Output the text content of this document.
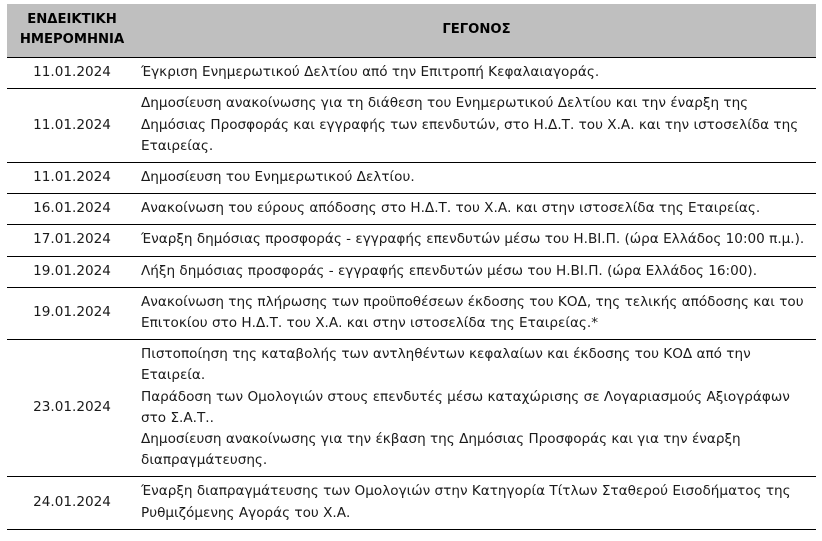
ΕΝΔΕΙΚΤΙΚΗ
ΗΜΕΡΟΜΗΝΙΑ	ΓΕΓΟΝΟΣ
11.01.2024	Έγκριση Ενημερωτικού Δελτίου από την Επιτροπή Κεφαλαιαγοράς.
11.01.2024	Δημοσίευση ανακοίνωσης για τη διάθεση του Ενημερωτικού Δελτίου και την έναρξη της Δημόσιας Προσφοράς και εγγραφής των επενδυτών, στο Η.Δ.Τ. του Χ.Α. και την ιστοσελίδα της Εταιρείας.
11.01.2024	Δημοσίευση του Ενημερωτικού Δελτίου.
16.01.2024	Ανακοίνωση του εύρους απόδοσης στο Η.Δ.Τ. του Χ.Α. και στην ιστοσελίδα της Εταιρείας.
17.01.2024	Έναρξη δημόσιας προσφοράς - εγγραφής επενδυτών μέσω του Η.ΒΙ.Π. (ώρα Ελλάδος 10:00 π.μ.).
19.01.2024	Λήξη δημόσιας προσφοράς - εγγραφής επενδυτών μέσω του Η.ΒΙ.Π. (ώρα Ελλάδος 16:00).
19.01.2024	Ανακοίνωση της πλήρωσης των προϋποθέσεων έκδοσης του ΚΟΔ, της τελικής απόδοσης και του Επιτοκίου στο Η.Δ.Τ. του Χ.Α. και στην ιστοσελίδα της Εταιρείας.*
23.01.2024	Πιστοποίηση της καταβολής των αντληθέντων κεφαλαίων και έκδοσης του ΚΟΔ από την Εταιρεία.
Παράδοση των Ομολογιών στους επενδυτές μέσω καταχώρισης σε Λογαριασμούς Αξιογράφων στο Σ.Α.Τ..
Δημοσίευση ανακοίνωσης για την έκβαση της Δημόσιας Προσφοράς και για την έναρξη διαπραγμάτευσης.

24.01.2024	Έναρξη διαπραγμάτευσης των Ομολογιών στην Κατηγορία Τίτλων Σταθερού Εισοδήματος της Ρυθμιζόμενης Αγοράς του Χ.Α.
